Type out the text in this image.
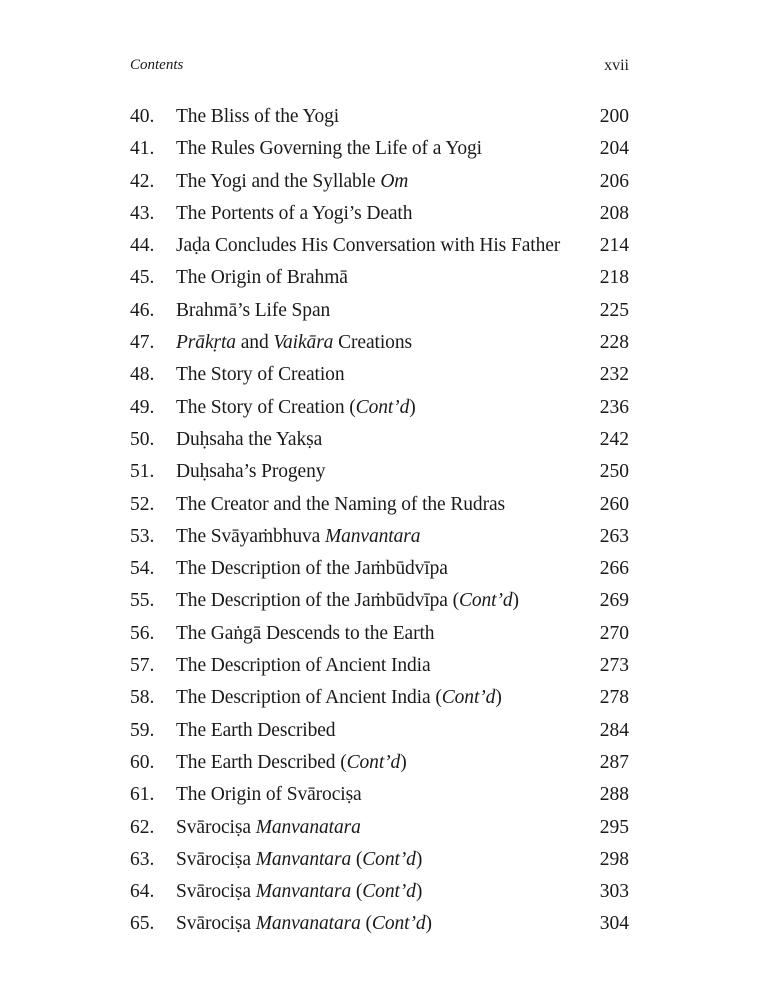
Contents	xvii
40. The Bliss of the Yogi	200
41. The Rules Governing the Life of a Yogi	204
42. The Yogi and the Syllable Om	206
43. The Portents of a Yogi’s Death	208
44. Jaḍa Concludes His Conversation with His Father 214
45. The Origin of Brahmā	218
46. Brahmā’s Life Span	225
47. Prākṛta and Vaikāra Creations	228
48. The Story of Creation	232
49. The Story of Creation (Cont’d)	236
50. Duḥsaha the Yakṣa	242
51. Duḥsaha’s Progeny	250
52. The Creator and the Naming of the Rudras	260
53. The Svāyaṁbhuva Manvantara	263
54. The Description of the Jaṁbūdvīpa	266
55. The Description of the Jaṁbūdvīpa (Cont’d)	269
56. The Gaṅgā Descends to the Earth	270
57. The Description of Ancient India	273
58. The Description of Ancient India (Cont’d)	278
59. The Earth Described	284
60. The Earth Described (Cont’d)	287
61. The Origin of Svārociṣa	288
62. Svārociṣa Manvanatara	295
63. Svārociṣa Manvantara (Cont’d)	298
64. Svārociṣa Manvantara (Cont’d)	303
65. Svārociṣa Manvanatara (Cont’d)	304
